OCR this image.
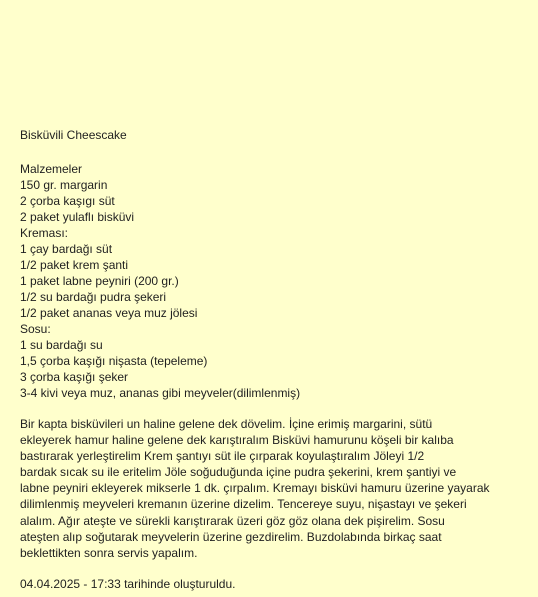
Bisküvili Cheescake
Malzemeler
150 gr. margarin
2 çorba kaşıgı süt
2 paket yulaflı bisküvi
Kreması:
1 çay bardağı süt
1/2 paket krem şanti
1 paket labne peyniri (200 gr.)
1/2 su bardağı pudra şekeri
1/2 paket ananas veya muz jölesi
Sosu:
1 su bardağı su
1,5 çorba kaşığı nişasta (tepeleme)
3 çorba kaşığı şeker
3-4 kivi veya muz, ananas gibi meyveler(dilimlenmiş)
Bir kapta bisküvileri un haline gelene dek dövelim. İçine erimiş margarini, sütü
ekleyerek hamur haline gelene dek karıştıralım Bisküvi hamurunu köşeli bir kalıba
bastırarak yerleştirelim Krem şantıyı süt ile çırparak koyulaştıralım Jöleyi 1/2
bardak sıcak su ile eritelim Jöle soğuduğunda içine pudra şekerini, krem şantiyi ve
labne peyniri ekleyerek mikserle 1 dk. çırpalım. Kremayı bisküvi hamuru üzerine yayarak
dilimlenmiş meyveleri kremanın üzerine dizelim. Tencereye suyu, nişastayı ve şekeri
alalım. Ağır ateşte ve sürekli karıştırarak üzeri göz göz olana dek pişirelim. Sosu
ateşten alıp soğutarak meyvelerin üzerine gezdirelim. Buzdolabında birkaç saat
beklettikten sonra servis yapalım.
04.04.2025 - 17:33 tarihinde oluşturuldu.
